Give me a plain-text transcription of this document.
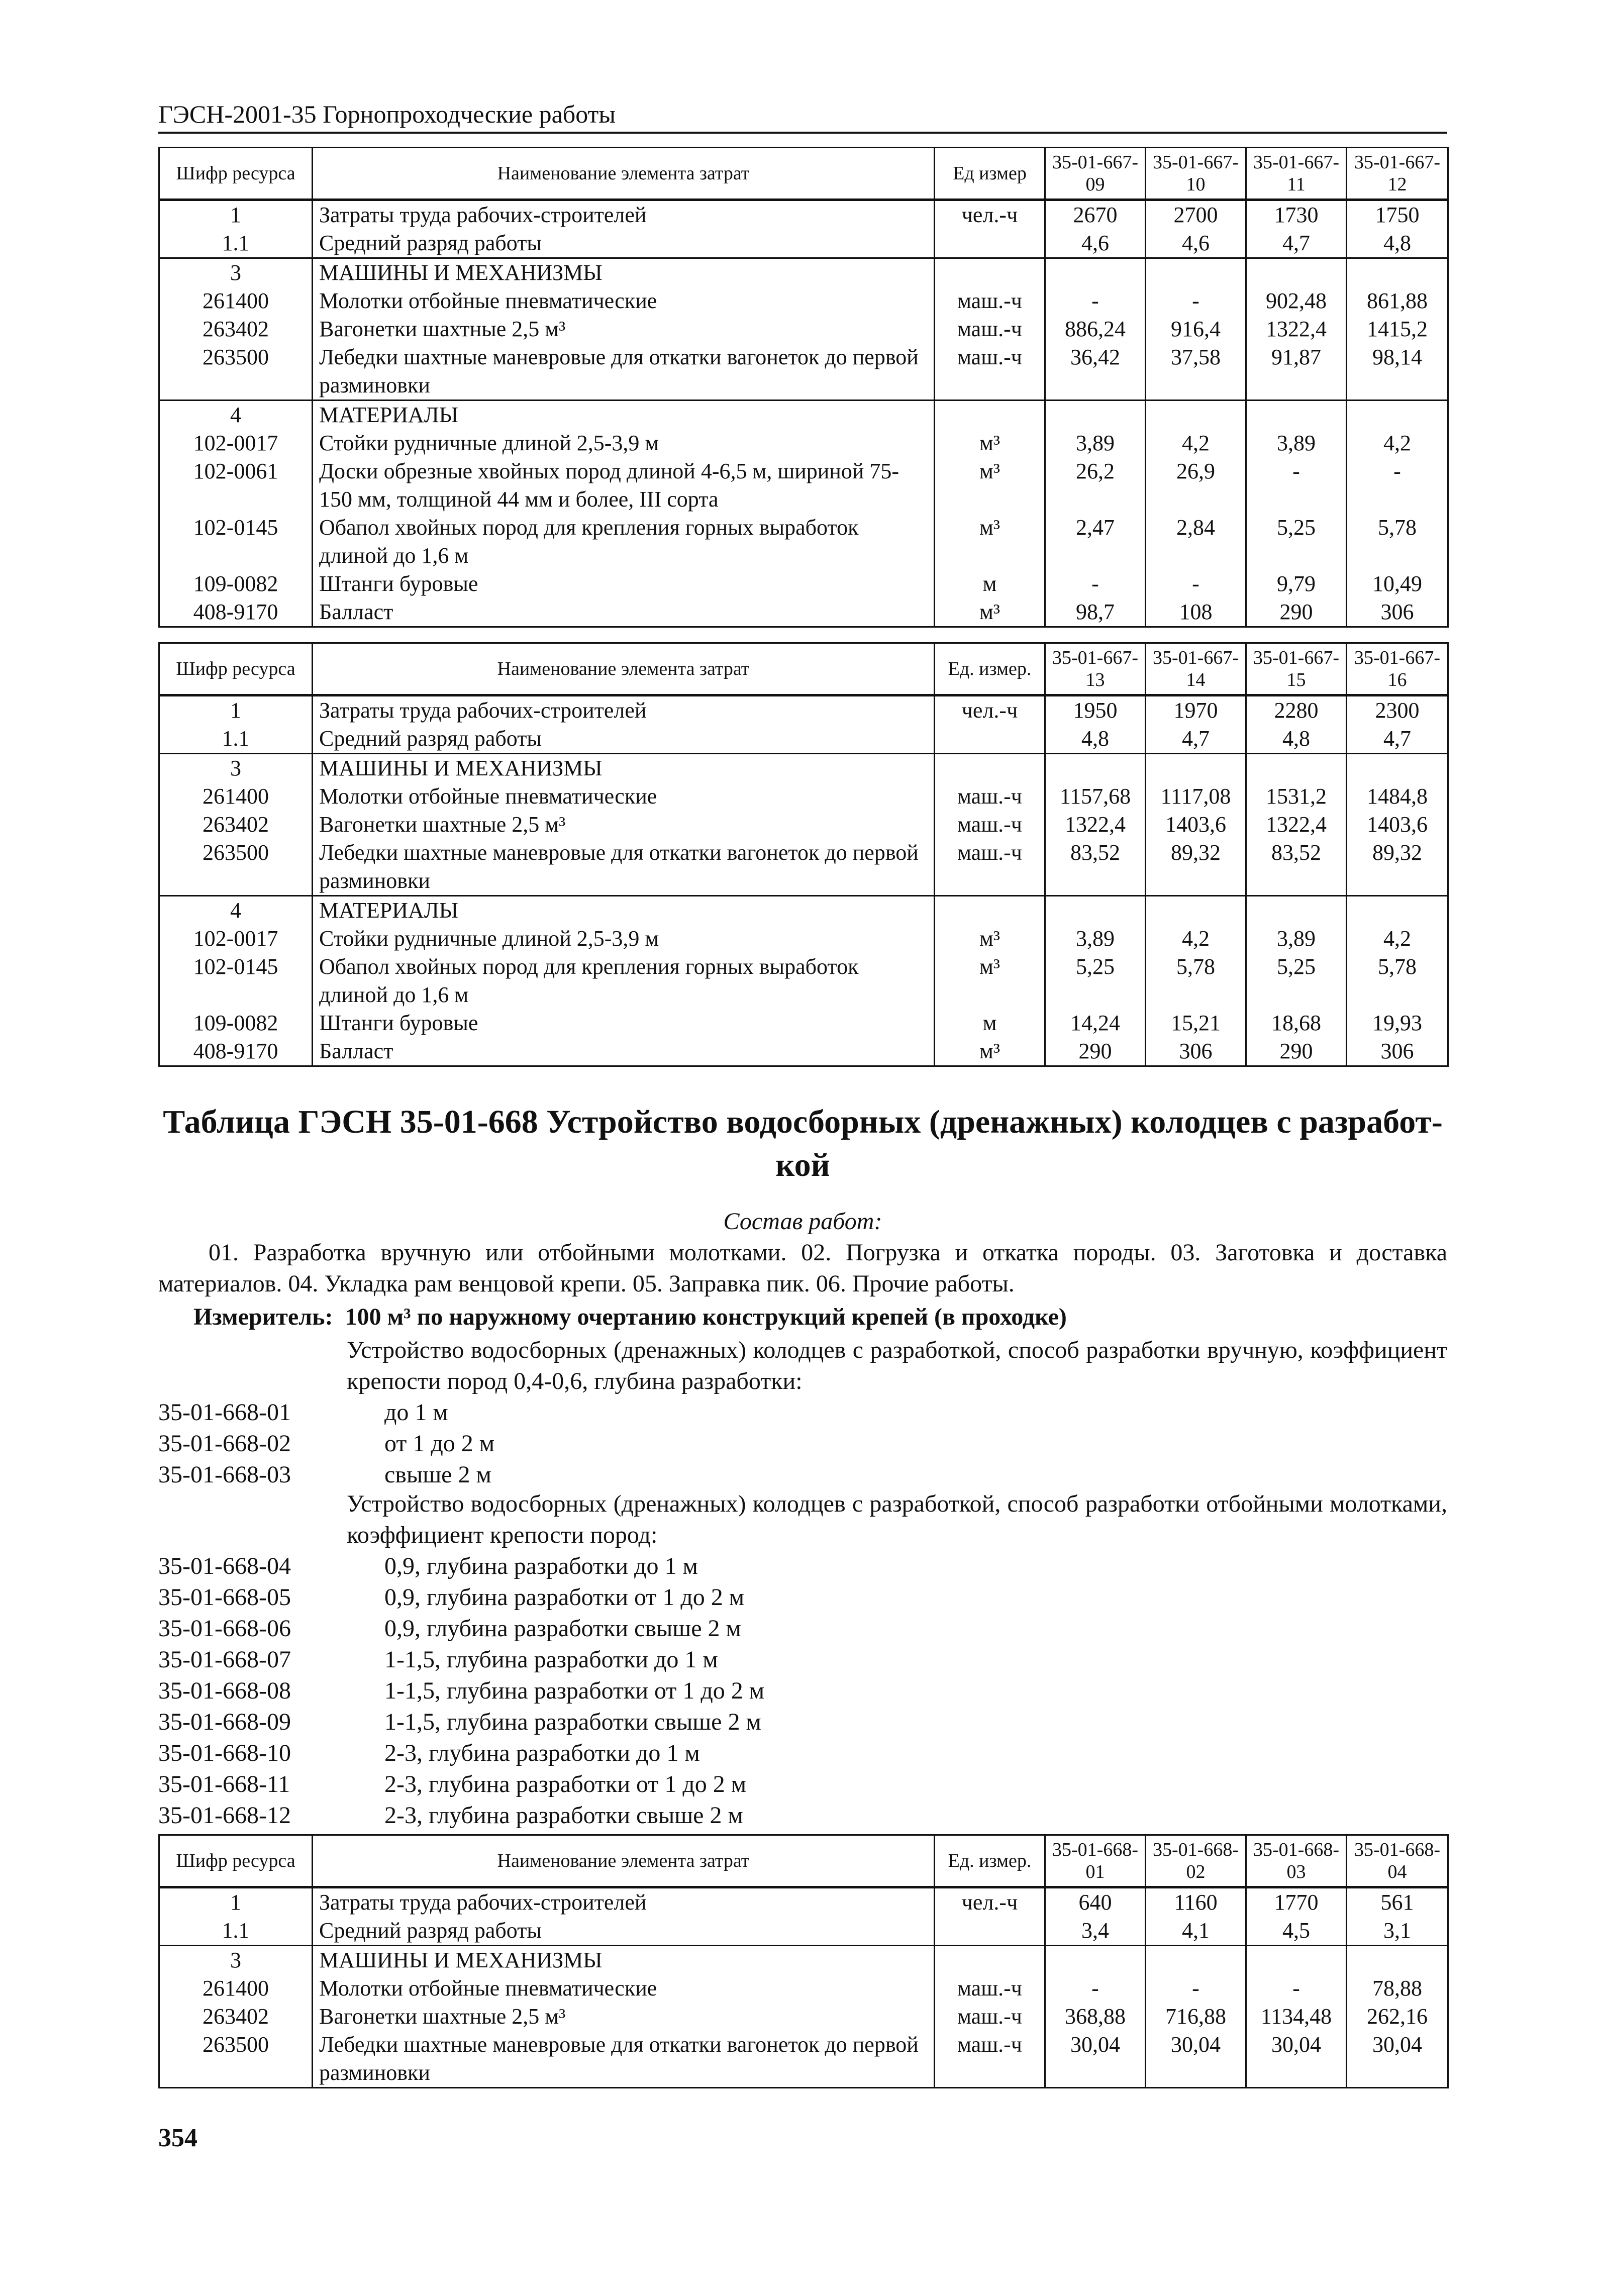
ГЭСН-2001-35 Горнопроходческие работы
Шифр ресурса	Наименование элемента затрат	Ед измер	35-01-667-09	35-01-667-10	35-01-667-11	35-01-667-12
1	Затраты труда рабочих-строителей	чел.-ч	2670	2700	1730	1750
1.1	Средний разряд работы		4,6	4,6	4,7	4,8
3	МАШИНЫ И МЕХАНИЗМЫ					
261400	Молотки отбойные пневматические	маш.-ч	-	-	902,48	861,88
263402	Вагонетки шахтные 2,5 м³	маш.-ч	886,24	916,4	1322,4	1415,2
263500	Лебедки шахтные маневровые для откатки вагонеток до первой разминовки	маш.-ч	36,42	37,58	91,87	98,14
4	МАТЕРИАЛЫ					
102-0017	Стойки рудничные длиной 2,5-3,9 м	м³	3,89	4,2	3,89	4,2
102-0061	Доски обрезные хвойных пород длиной 4-6,5 м, шириной 75-150 мм, толщиной 44 мм и более, III сорта	м³	26,2	26,9	-	-
102-0145	Обапол хвойных пород для крепления горных выработок длиной до 1,6 м	м³	2,47	2,84	5,25	5,78
109-0082	Штанги буровые	м	-	-	9,79	10,49
408-9170	Балласт	м³	98,7	108	290	306
Шифр ресурса	Наименование элемента затрат	Ед. измер.	35-01-667-13	35-01-667-14	35-01-667-15	35-01-667-16
1	Затраты труда рабочих-строителей	чел.-ч	1950	1970	2280	2300
1.1	Средний разряд работы		4,8	4,7	4,8	4,7
3	МАШИНЫ И МЕХАНИЗМЫ					
261400	Молотки отбойные пневматические	маш.-ч	1157,68	1117,08	1531,2	1484,8
263402	Вагонетки шахтные 2,5 м³	маш.-ч	1322,4	1403,6	1322,4	1403,6
263500	Лебедки шахтные маневровые для откатки вагонеток до первой разминовки	маш.-ч	83,52	89,32	83,52	89,32
4	МАТЕРИАЛЫ					
102-0017	Стойки рудничные длиной 2,5-3,9 м	м³	3,89	4,2	3,89	4,2
102-0145	Обапол хвойных пород для крепления горных выработок длиной до 1,6 м	м³	5,25	5,78	5,25	5,78
109-0082	Штанги буровые	м	14,24	15,21	18,68	19,93
408-9170	Балласт	м³	290	306	290	306
Таблица ГЭСН 35-01-668 Устройство водосборных (дренажных) колодцев с разработ-
кой
Состав работ:
01. Разработка вручную или отбойными молотками. 02. Погрузка и откатка породы. 03. Заготовка и доставка материалов. 04. Укладка рам венцовой крепи. 05. Заправка пик. 06. Прочие работы.
Измеритель: 100 м³ по наружному очертанию конструкций крепей (в проходке)
Устройство водосборных (дренажных) колодцев с разработкой, способ разработки вручную, коэффициент крепости пород 0,4-0,6, глубина разработки:
35-01-668-01	до 1 м
35-01-668-02	от 1 до 2 м
35-01-668-03	свыше 2 м
Устройство водосборных (дренажных) колодцев с разработкой, способ разработки отбойными молотками, коэффициент крепости пород:
35-01-668-04	0,9, глубина разработки до 1 м
35-01-668-05	0,9, глубина разработки от 1 до 2 м
35-01-668-06	0,9, глубина разработки свыше 2 м
35-01-668-07	1-1,5, глубина разработки до 1 м
35-01-668-08	1-1,5, глубина разработки от 1 до 2 м
35-01-668-09	1-1,5, глубина разработки свыше 2 м
35-01-668-10	2-3, глубина разработки до 1 м
35-01-668-11	2-3, глубина разработки от 1 до 2 м
35-01-668-12	2-3, глубина разработки свыше 2 м
Шифр ресурса	Наименование элемента затрат	Ед. измер.	35-01-668-01	35-01-668-02	35-01-668-03	35-01-668-04
1	Затраты труда рабочих-строителей	чел.-ч	640	1160	1770	561
1.1	Средний разряд работы		3,4	4,1	4,5	3,1
3	МАШИНЫ И МЕХАНИЗМЫ					
261400	Молотки отбойные пневматические	маш.-ч	-	-	-	78,88
263402	Вагонетки шахтные 2,5 м³	маш.-ч	368,88	716,88	1134,48	262,16
263500	Лебедки шахтные маневровые для откатки вагонеток до первой разминовки	маш.-ч	30,04	30,04	30,04	30,04
354
